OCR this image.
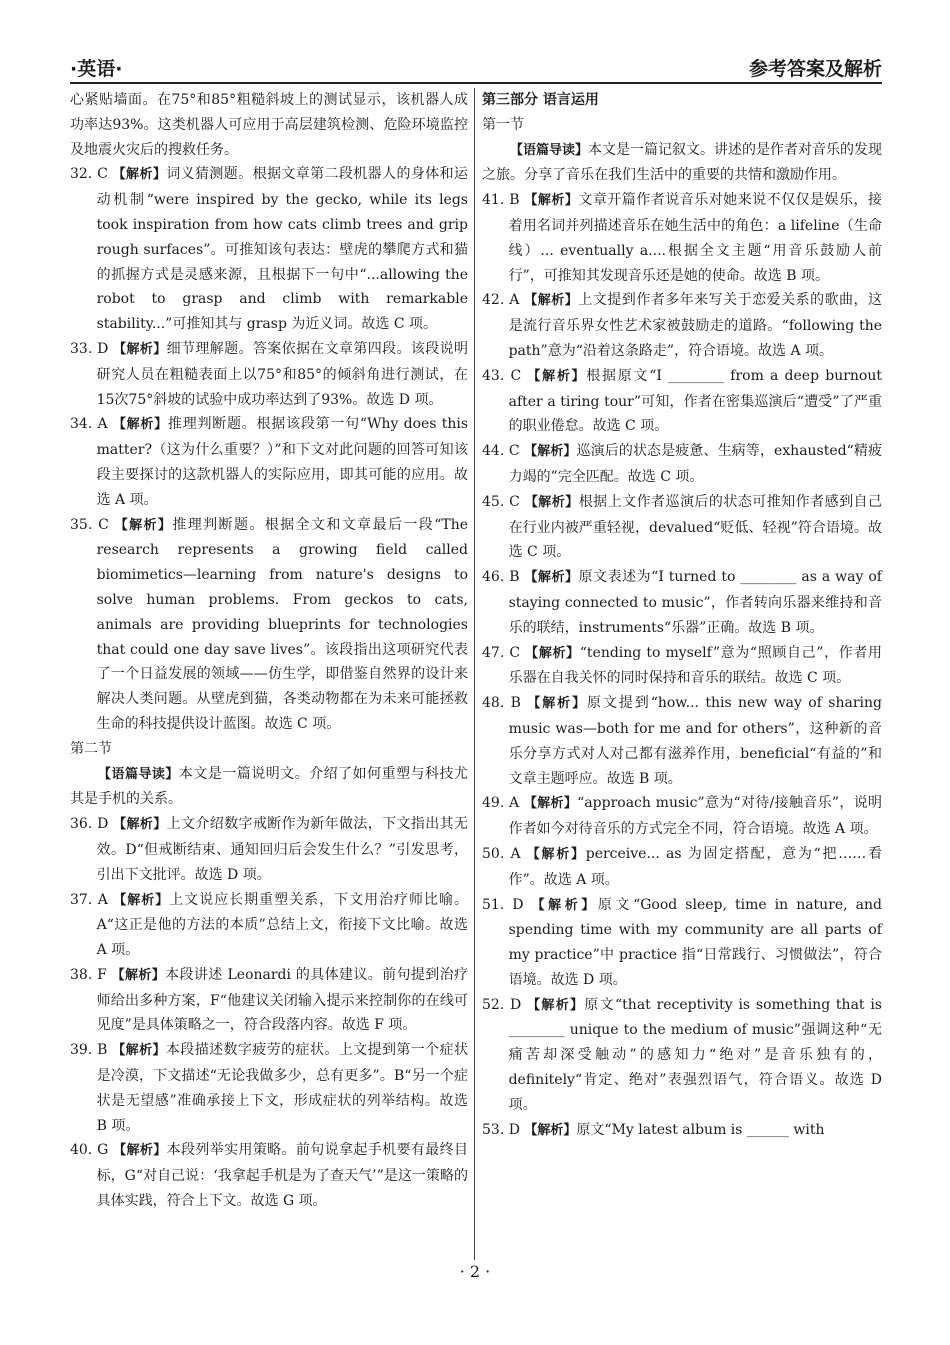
·英语·	参考答案及解析

心紧贴墙面。在75°和85°粗糙斜坡上的测试显示，该机器人成功率达93%。这类机器人可应用于高层建筑检测、危险环境监控及地震火灾后的搜救任务。

32. C 【解析】词义猜测题。根据文章第二段机器人的身体和运动机制“were inspired by the gecko, while its legs took inspiration from how cats climb trees and grip rough surfaces”。可推知该句表达：壁虎的攀爬方式和猫的抓握方式是灵感来源，且根据下一句中“...allowing the robot to grasp and climb with remarkable stability...”可推知其与 grasp 为近义词。故选 C 项。

33. D 【解析】细节理解题。答案依据在文章第四段。该段说明研究人员在粗糙表面上以75°和85°的倾斜角进行测试，在15次75°斜坡的试验中成功率达到了93%。故选 D 项。

34. A 【解析】推理判断题。根据该段第一句“Why does this matter?（这为什么重要？）”和下文对此问题的回答可知该段主要探讨的这款机器人的实际应用，即其可能的应用。故选 A 项。

35. C 【解析】推理判断题。根据全文和文章最后一段“The research represents a growing field called biomimetics—learning from nature's designs to solve human problems. From geckos to cats, animals are providing blueprints for technologies that could one day save lives”。该段指出这项研究代表了一个日益发展的领域——仿生学，即借鉴自然界的设计来解决人类问题。从壁虎到猫，各类动物都在为未来可能拯救生命的科技提供设计蓝图。故选 C 项。

第二节

【语篇导读】本文是一篇说明文。介绍了如何重塑与科技尤其是手机的关系。

36. D 【解析】上文介绍数字戒断作为新年做法，下文指出其无效。D“但戒断结束、通知回归后会发生什么？”引发思考，引出下文批评。故选 D 项。

37. A 【解析】上文说应长期重塑关系，下文用治疗师比喻。A“这正是他的方法的本质”总结上文，衔接下文比喻。故选 A 项。

38. F 【解析】本段讲述 Leonardi 的具体建议。前句提到治疗师给出多种方案，F“他建议关闭输入提示来控制你的在线可见度”是具体策略之一，符合段落内容。故选 F 项。

39. B 【解析】本段描述数字疲劳的症状。上文提到第一个症状是冷漠，下文描述“无论我做多少，总有更多”。B“另一个症状是无望感”准确承接上下文，形成症状的列举结构。故选 B 项。

40. G 【解析】本段列举实用策略。前句说拿起手机要有最终目标，G“对自己说：‘我拿起手机是为了查天气’”是这一策略的具体实践，符合上下文。故选 G 项。

第三部分 语言运用

第一节

【语篇导读】本文是一篇记叙文。讲述的是作者对音乐的发现之旅。分享了音乐在我们生活中的重要的共情和激励作用。

41. B 【解析】文章开篇作者说音乐对她来说不仅仅是娱乐，接着用名词并列描述音乐在她生活中的角色：a lifeline（生命线）... eventually a....根据全文主题“用音乐鼓励人前行”，可推知其发现音乐还是她的使命。故选 B 项。

42. A 【解析】上文提到作者多年来写关于恋爱关系的歌曲，这是流行音乐界女性艺术家被鼓励走的道路。“following the path”意为“沿着这条路走”，符合语境。故选 A 项。

43. C 【解析】根据原文“I ________ from a deep burnout after a tiring tour”可知，作者在密集巡演后“遭受”了严重的职业倦怠。故选 C 项。

44. C 【解析】巡演后的状态是疲惫、生病等，exhausted“精疲力竭的”完全匹配。故选 C 项。

45. C 【解析】根据上文作者巡演后的状态可推知作者感到自己在行业内被严重轻视，devalued“贬低、轻视”符合语境。故选 C 项。

46. B 【解析】原文表述为“I turned to ________ as a way of staying connected to music”，作者转向乐器来维持和音乐的联结，instruments“乐器”正确。故选 B 项。

47. C 【解析】“tending to myself”意为“照顾自己”，作者用乐器在自我关怀的同时保持和音乐的联结。故选 C 项。

48. B 【解析】原文提到“how... this new way of sharing music was—both for me and for others”，这种新的音乐分享方式对人对己都有滋养作用，beneficial“有益的”和文章主题呼应。故选 B 项。

49. A 【解析】“approach music”意为“对待/接触音乐”，说明作者如今对待音乐的方式完全不同，符合语境。故选 A 项。

50. A 【解析】perceive... as 为固定搭配，意为“把……看作”。故选 A 项。

51. D 【解析】原文“Good sleep, time in nature, and spending time with my community are all parts of my practice”中 practice 指“日常践行、习惯做法”，符合语境。故选 D 项。

52. D 【解析】原文“that receptivity is something that is ________ unique to the medium of music”强调这种“无痛苦却深受触动”的感知力“绝对”是音乐独有的，definitely“肯定、绝对”表强烈语气，符合语义。故选 D 项。

53. D 【解析】原文“My latest album is ______ with

· 2 ·
